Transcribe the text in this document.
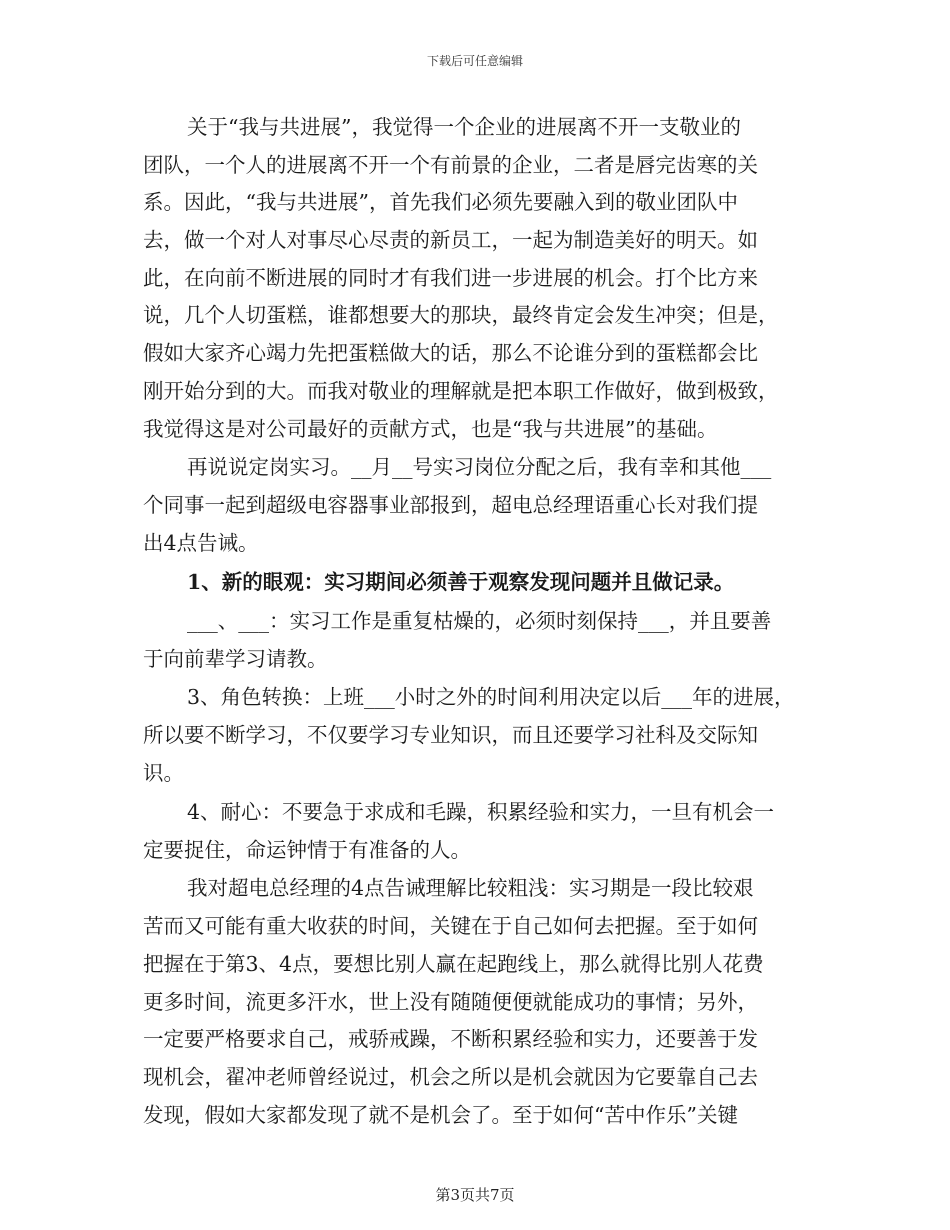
下载后可任意编辑
关于“我与共进展”，我觉得一个企业的进展离不开一支敬业的
团队，一个人的进展离不开一个有前景的企业，二者是唇完齿寒的关
系。因此，“我与共进展”，首先我们必须先要融入到的敬业团队中
去，做一个对人对事尽心尽责的新员工，一起为制造美好的明天。如
此，在向前不断进展的同时才有我们进一步进展的机会。打个比方来
说，几个人切蛋糕，谁都想要大的那块，最终肯定会发生冲突；但是，
假如大家齐心竭力先把蛋糕做大的话，那么不论谁分到的蛋糕都会比
刚开始分到的大。而我对敬业的理解就是把本职工作做好，做到极致，
我觉得这是对公司最好的贡献方式，也是“我与共进展”的基础。
再说说定岗实习。__月__号实习岗位分配之后，我有幸和其他___
个同事一起到超级电容器事业部报到，超电总经理语重心长对我们提
出4点告诫。
1、新的眼观：实习期间必须善于观察发现问题并且做记录。
___、___：实习工作是重复枯燥的，必须时刻保持___，并且要善
于向前辈学习请教。
3、角色转换：上班___小时之外的时间利用决定以后___年的进展，
所以要不断学习，不仅要学习专业知识，而且还要学习社科及交际知
识。
4、耐心：不要急于求成和毛躁，积累经验和实力，一旦有机会一
定要捉住，命运钟情于有准备的人。
我对超电总经理的4点告诫理解比较粗浅：实习期是一段比较艰
苦而又可能有重大收获的时间，关键在于自己如何去把握。至于如何
把握在于第3、4点，要想比别人赢在起跑线上，那么就得比别人花费
更多时间，流更多汗水，世上没有随随便便就能成功的事情；另外，
一定要严格要求自己，戒骄戒躁，不断积累经验和实力，还要善于发
现机会，翟冲老师曾经说过，机会之所以是机会就因为它要靠自己去
发现，假如大家都发现了就不是机会了。至于如何“苦中作乐”关键
第3页共7页
